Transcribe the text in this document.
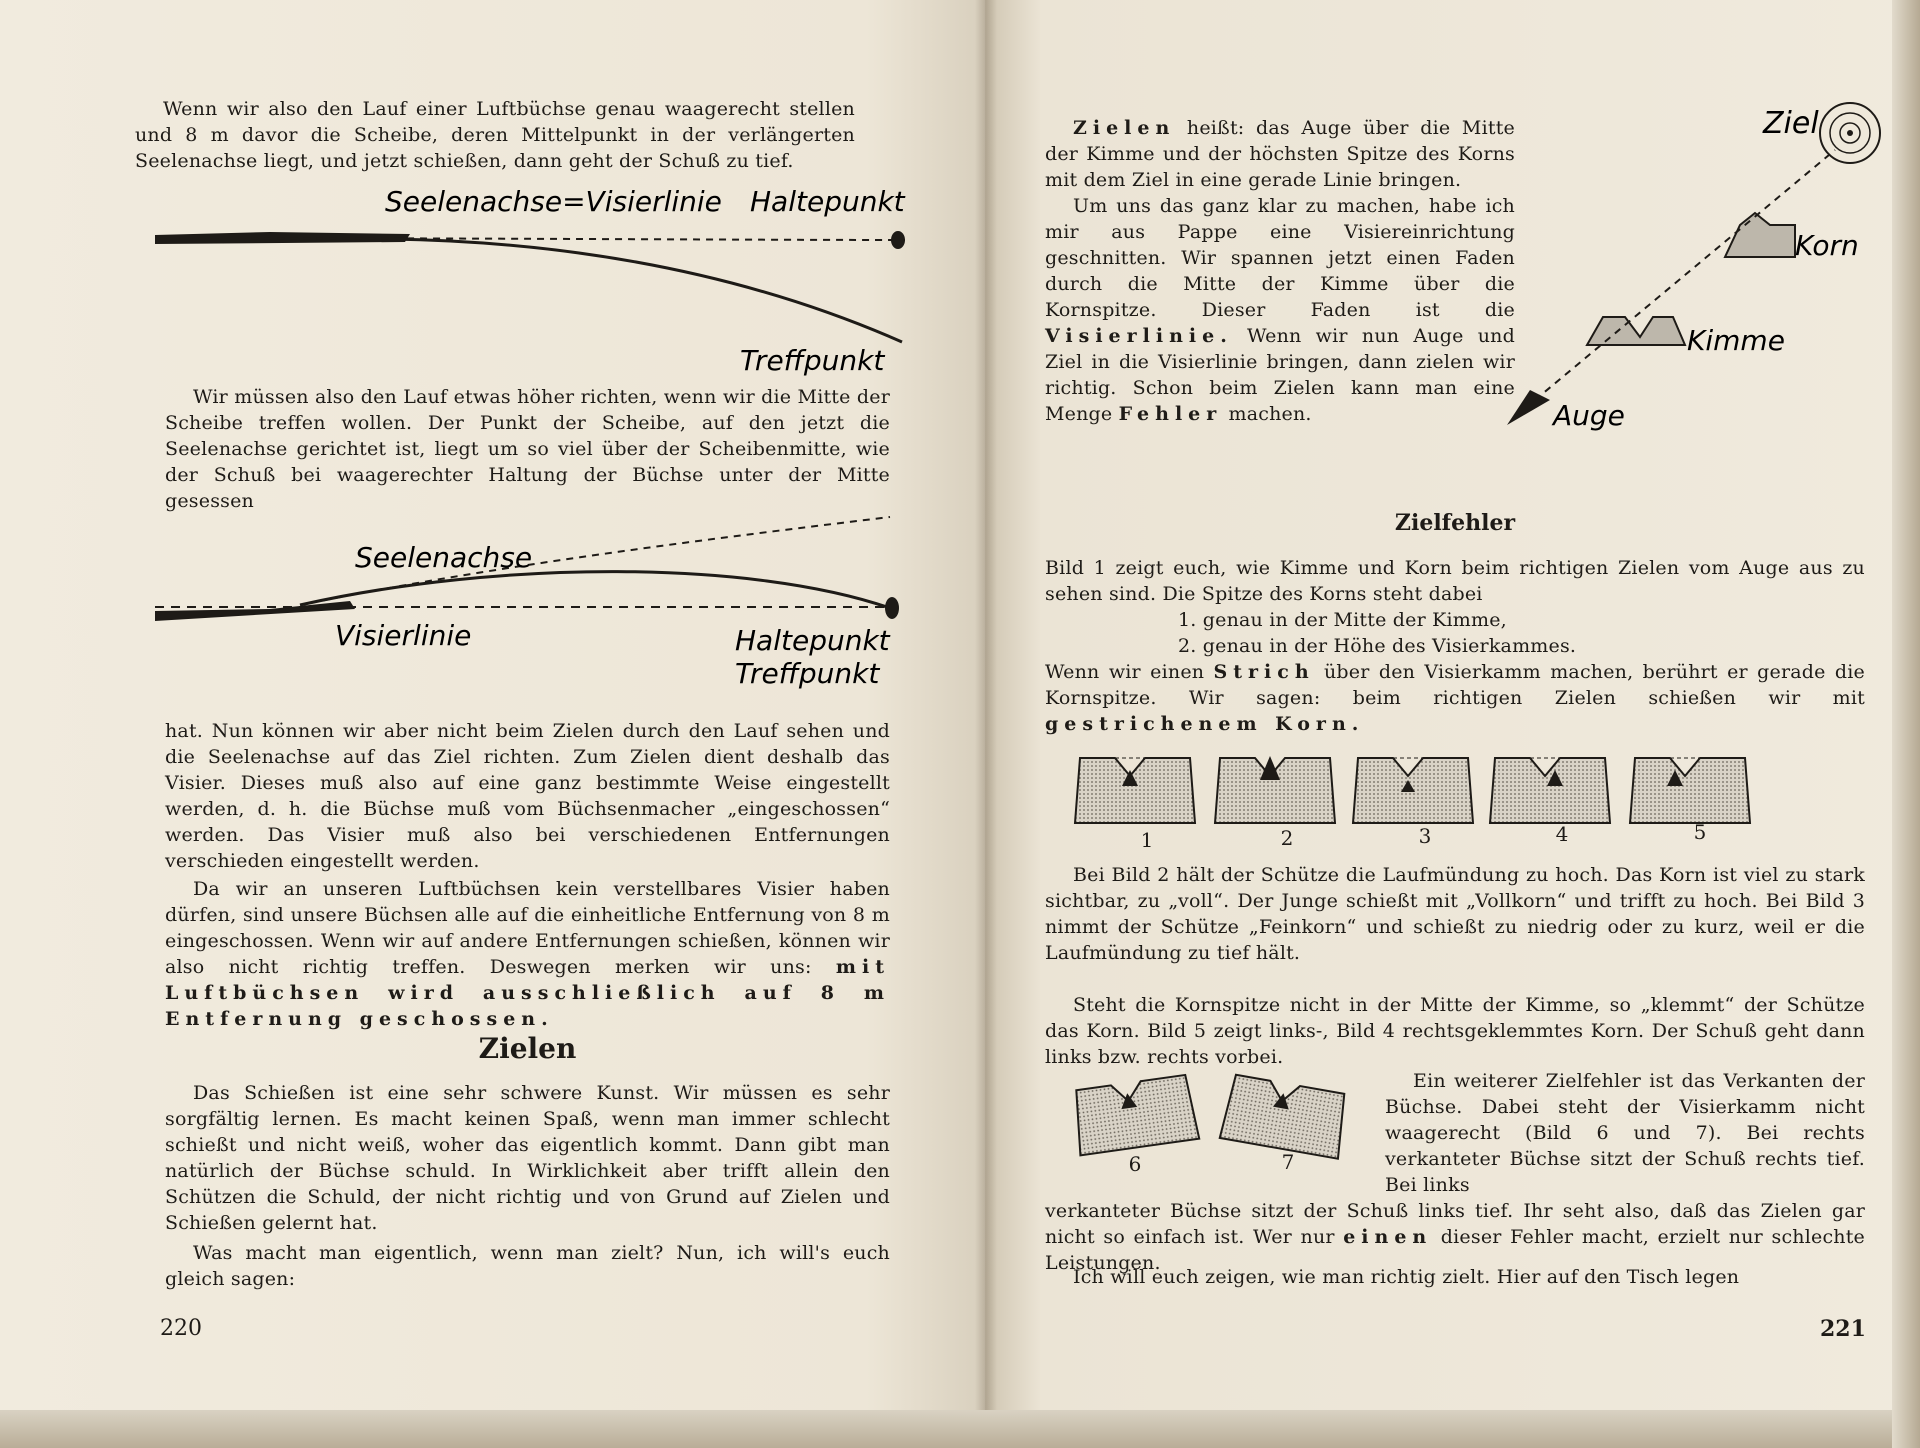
Wenn wir also den Lauf einer Luftbüchse genau waagerecht stellen und 8 m davor die Scheibe, deren Mittelpunkt in der verlängerten Seelenachse liegt, und jetzt schießen, dann geht der Schuß zu tief.

Seelenachse=Visierlinie Haltepunkt
Treffpunkt

Wir müssen also den Lauf etwas höher richten, wenn wir die Mitte der Scheibe treffen wollen. Der Punkt der Scheibe, auf den jetzt die Seelenachse gerichtet ist, liegt um so viel über der Scheibenmitte, wie der Schuß bei waagerechter Haltung der Büchse unter der Mitte gesessen

Seelenachse
Visierlinie	Haltepunkt
Treffpunkt

hat. Nun können wir aber nicht beim Zielen durch den Lauf sehen und die Seelenachse auf das Ziel richten. Zum Zielen dient deshalb das Visier. Dieses muß also auf eine ganz bestimmte Weise eingestellt werden, d. h. die Büchse muß vom Büchsenmacher „eingeschossen“ werden. Das Visier muß also bei verschiedenen Entfernungen verschieden eingestellt werden.

Da wir an unseren Luftbüchsen kein verstellbares Visier haben dürfen, sind unsere Büchsen alle auf die einheitliche Entfernung von 8 m eingeschossen. Wenn wir auf andere Entfernungen schießen, können wir also nicht richtig treffen. Deswegen merken wir uns: mit Luftbüchsen wird ausschließlich auf 8 m Entfernung geschossen.
Zielen

Das Schießen ist eine sehr schwere Kunst. Wir müssen es sehr sorgfältig lernen. Es macht keinen Spaß, wenn man immer schlecht schießt und nicht weiß, woher das eigentlich kommt. Dann gibt man natürlich der Büchse schuld. In Wirklichkeit aber trifft allein den Schützen die Schuld, der nicht richtig und von Grund auf Zielen und Schießen gelernt hat.

Was macht man eigentlich, wenn man zielt? Nun, ich will's euch gleich sagen:

220
Zielen heißt: das Auge über die Mitte der Kimme und der höchsten Spitze des Korns mit dem Ziel in eine gerade Linie bringen.
Um uns das ganz klar zu machen, habe ich mir aus Pappe eine Visiereinrichtung geschnitten. Wir spannen jetzt einen Faden durch die Mitte der Kimme über die Kornspitze. Dieser Faden ist die Visierlinie. Wenn wir nun Auge und Ziel in die Visierlinie bringen, dann zielen wir richtig. Schon beim Zielen kann man eine Menge Fehler machen.
Ziel
Korn
Kimme
Auge
Zielfehler

Bild 1 zeigt euch, wie Kimme und Korn beim richtigen Zielen vom Auge aus zu sehen sind. Die Spitze des Korns steht dabei

1. genau in der Mitte der Kimme,
2. genau in der Höhe des Visierkammes.
Wenn wir einen Strich über den Visierkamm machen, berührt er gerade die Kornspitze. Wir sagen: beim richtigen Zielen schießen wir mit gestrichenem Korn.
1	2	3	4	5

Bei Bild 2 hält der Schütze die Laufmündung zu hoch. Das Korn ist viel zu stark sichtbar, zu „voll“. Der Junge schießt mit „Vollkorn“ und trifft zu hoch. Bei Bild 3 nimmt der Schütze „Feinkorn“ und schießt zu niedrig oder zu kurz, weil er die Laufmündung zu tief hält.

Steht die Kornspitze nicht in der Mitte der Kimme, so „klemmt“ der Schütze das Korn. Bild 5 zeigt links-, Bild 4 rechtsgeklemmtes Korn. Der Schuß geht dann links bzw. rechts vorbei.

6	7

Ein weiterer Zielfehler ist das Verkanten der Büchse. Dabei steht der Visierkamm nicht waagerecht (Bild 6 und 7). Bei rechts verkanteter Büchse sitzt der Schuß rechts tief. Bei links

verkanteter Büchse sitzt der Schuß links tief. Ihr seht also, daß das Zielen gar nicht so einfach ist. Wer nur einen dieser Fehler macht, erzielt nur schlechte Leistungen.

Ich will euch zeigen, wie man richtig zielt. Hier auf den Tisch legen

221
